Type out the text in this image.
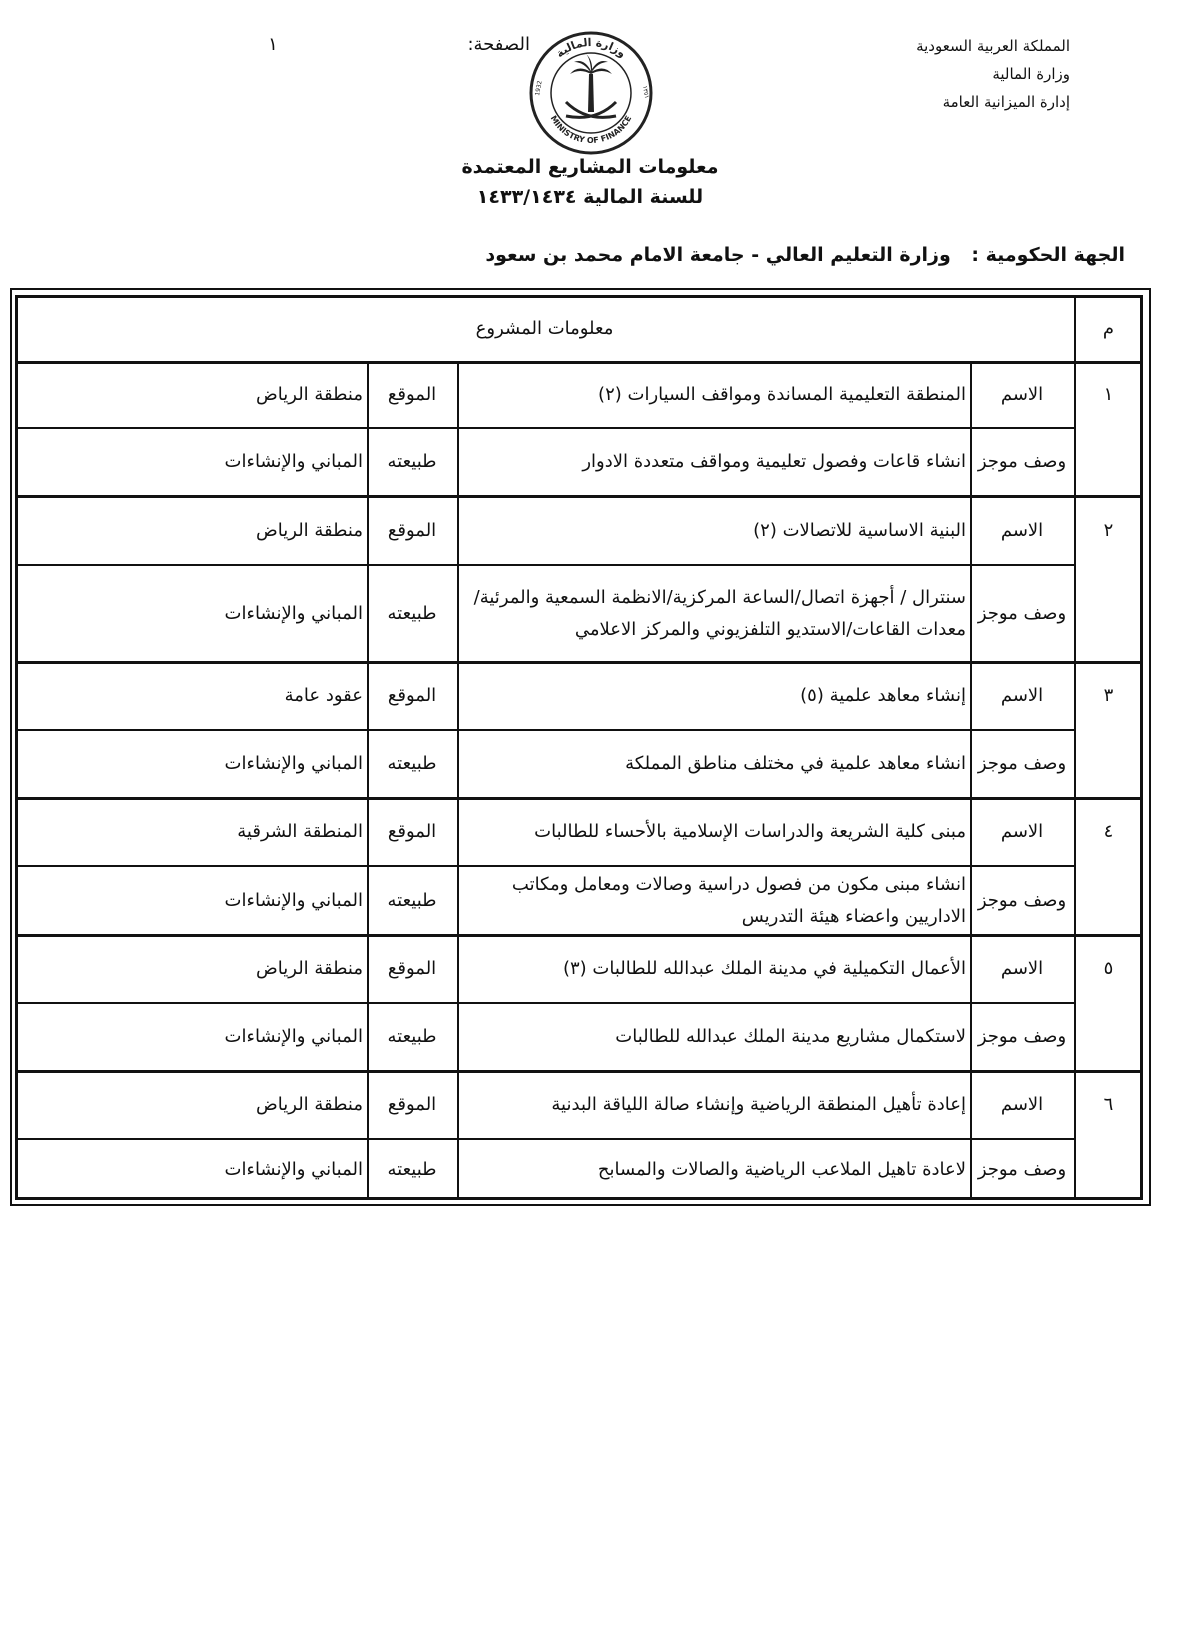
المملكة العربية السعودية
وزارة المالية
إدارة الميزانية العامة
الصفحة:
١	وزارة المالية
MINISTRY OF FINANCE
1932	١٣٥١
معلومات المشاريع المعتمدة
للسنة المالية ١٤٣٣/١٤٣٤
الجهة الحكومية : وزارة التعليم العالي - جامعة الامام محمد بن سعود
م
معلومات المشروع
١
الاسم
المنطقة التعليمية المساندة ومواقف السيارات (٢)
الموقع
منطقة الرياض
وصف موجز
انشاء قاعات وفصول تعليمية ومواقف متعددة الادوار
طبيعته
المباني والإنشاءات
٢
الاسم
البنية الاساسية للاتصالات (٢)
الموقع
منطقة الرياض
وصف موجز
سنترال / أجهزة اتصال/الساعة المركزية/الانظمة السمعية والمرئية/معدات القاعات/الاستديو التلفزيوني والمركز الاعلامي
طبيعته
المباني والإنشاءات
٣
الاسم
إنشاء معاهد علمية (٥)
الموقع
عقود عامة
وصف موجز
انشاء معاهد علمية في مختلف مناطق المملكة
طبيعته
المباني والإنشاءات
٤
الاسم
مبنى كلية الشريعة والدراسات الإسلامية بالأحساء للطالبات
الموقع
المنطقة الشرقية
وصف موجز
انشاء مبنى مكون من فصول دراسية وصالات ومعامل ومكاتب الاداريين واعضاء هيئة التدريس
طبيعته
المباني والإنشاءات
٥
الاسم
الأعمال التكميلية في مدينة الملك عبدالله للطالبات (٣)
الموقع
منطقة الرياض
وصف موجز
لاستكمال مشاريع مدينة الملك عبدالله للطالبات
طبيعته
المباني والإنشاءات
٦
الاسم
إعادة تأهيل المنطقة الرياضية وإنشاء صالة اللياقة البدنية
الموقع
منطقة الرياض
وصف موجز
لاعادة تاهيل الملاعب الرياضية والصالات والمسابح
طبيعته
المباني والإنشاءات
